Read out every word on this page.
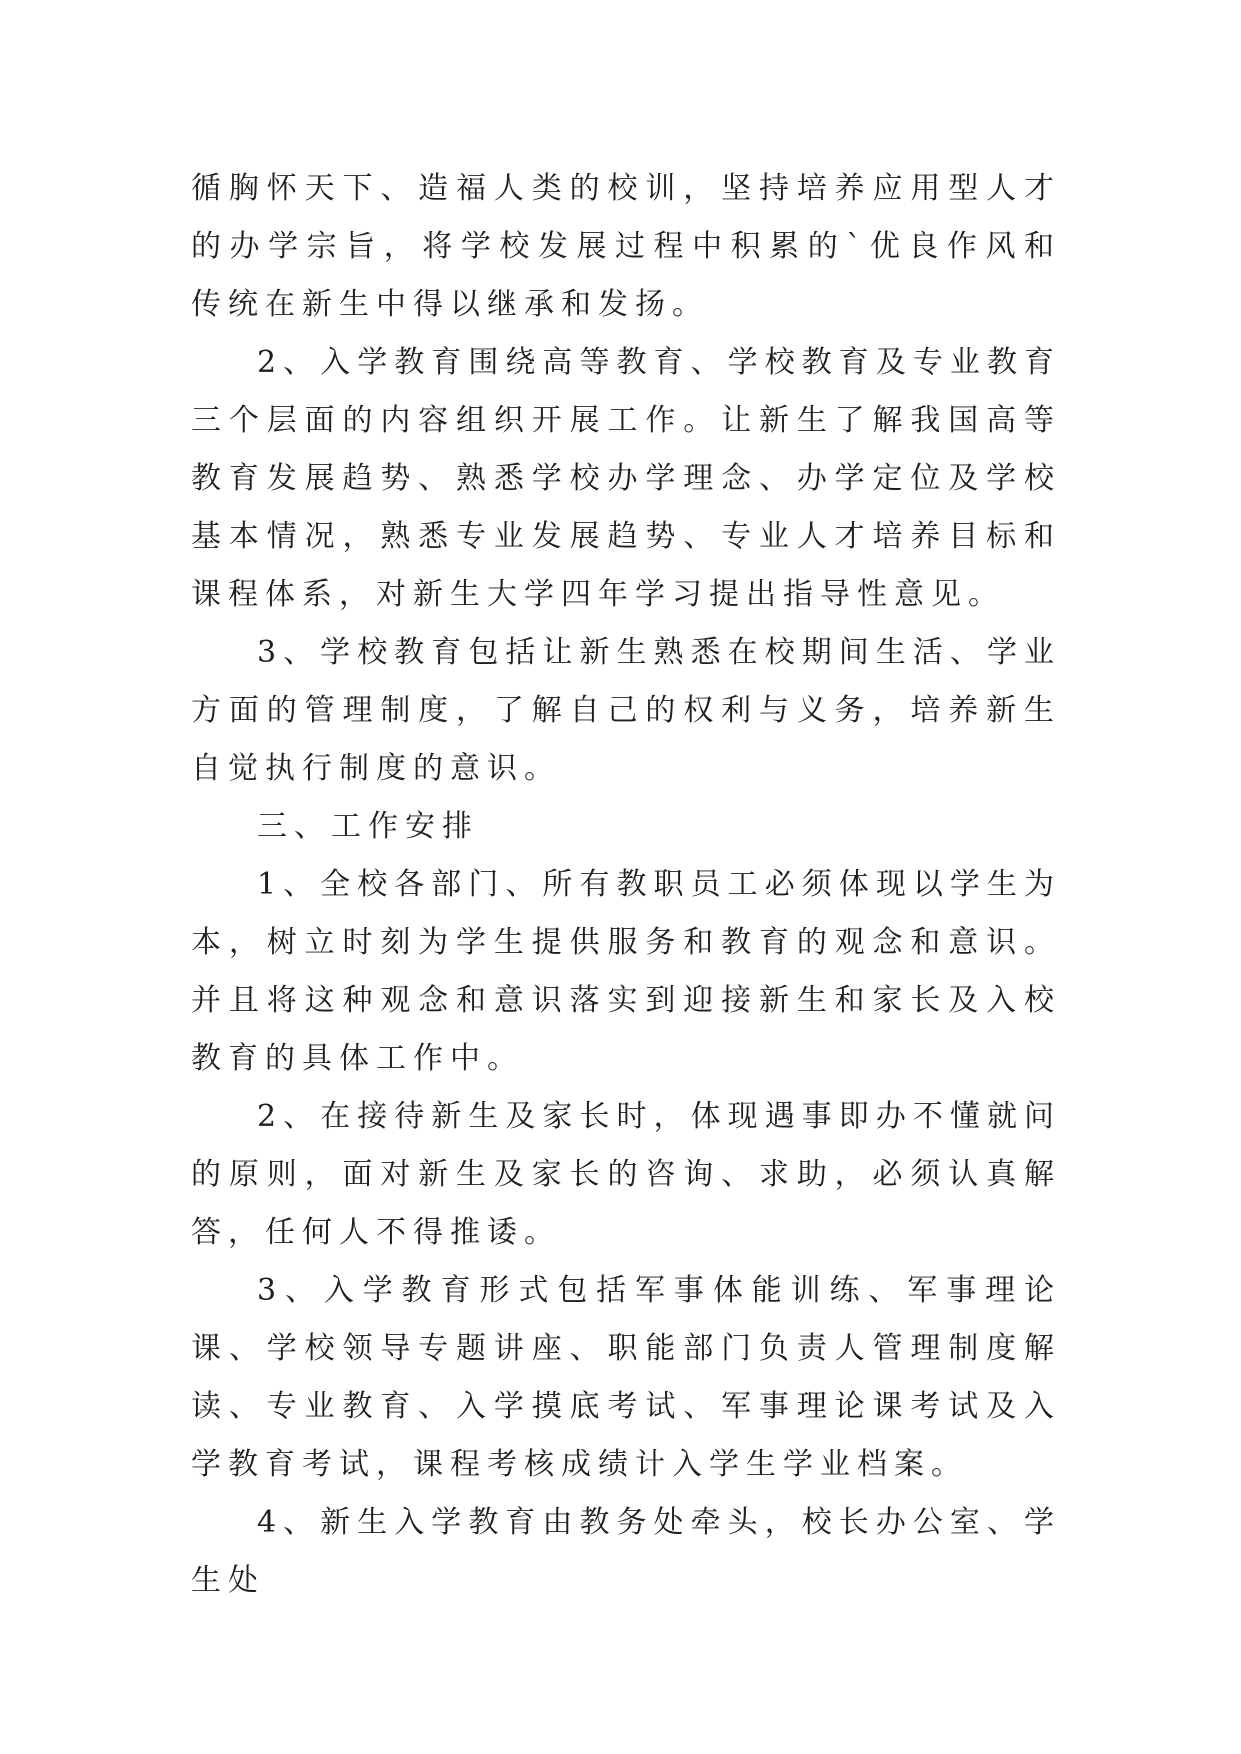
循胸怀天下、造福人类的校训，坚持培养应用型人才的办学宗旨，将学校发展过程中积累的`优良作风和传统在新生中得以继承和发扬。

2、入学教育围绕高等教育、学校教育及专业教育三个层面的内容组织开展工作。让新生了解我国高等教育发展趋势、熟悉学校办学理念、办学定位及学校基本情况，熟悉专业发展趋势、专业人才培养目标和课程体系，对新生大学四年学习提出指导性意见。

3、学校教育包括让新生熟悉在校期间生活、学业方面的管理制度，了解自己的权利与义务，培养新生自觉执行制度的意识。

三、工作安排

1、全校各部门、所有教职员工必须体现以学生为本，树立时刻为学生提供服务和教育的观念和意识。并且将这种观念和意识落实到迎接新生和家长及入校教育的具体工作中。

2、在接待新生及家长时，体现遇事即办不懂就问的原则，面对新生及家长的咨询、求助，必须认真解答，任何人不得推诿。

3、入学教育形式包括军事体能训练、军事理论课、学校领导专题讲座、职能部门负责人管理制度解读、专业教育、入学摸底考试、军事理论课考试及入学教育考试，课程考核成绩计入学生学业档案。

4、新生入学教育由教务处牵头，校长办公室、学生处
